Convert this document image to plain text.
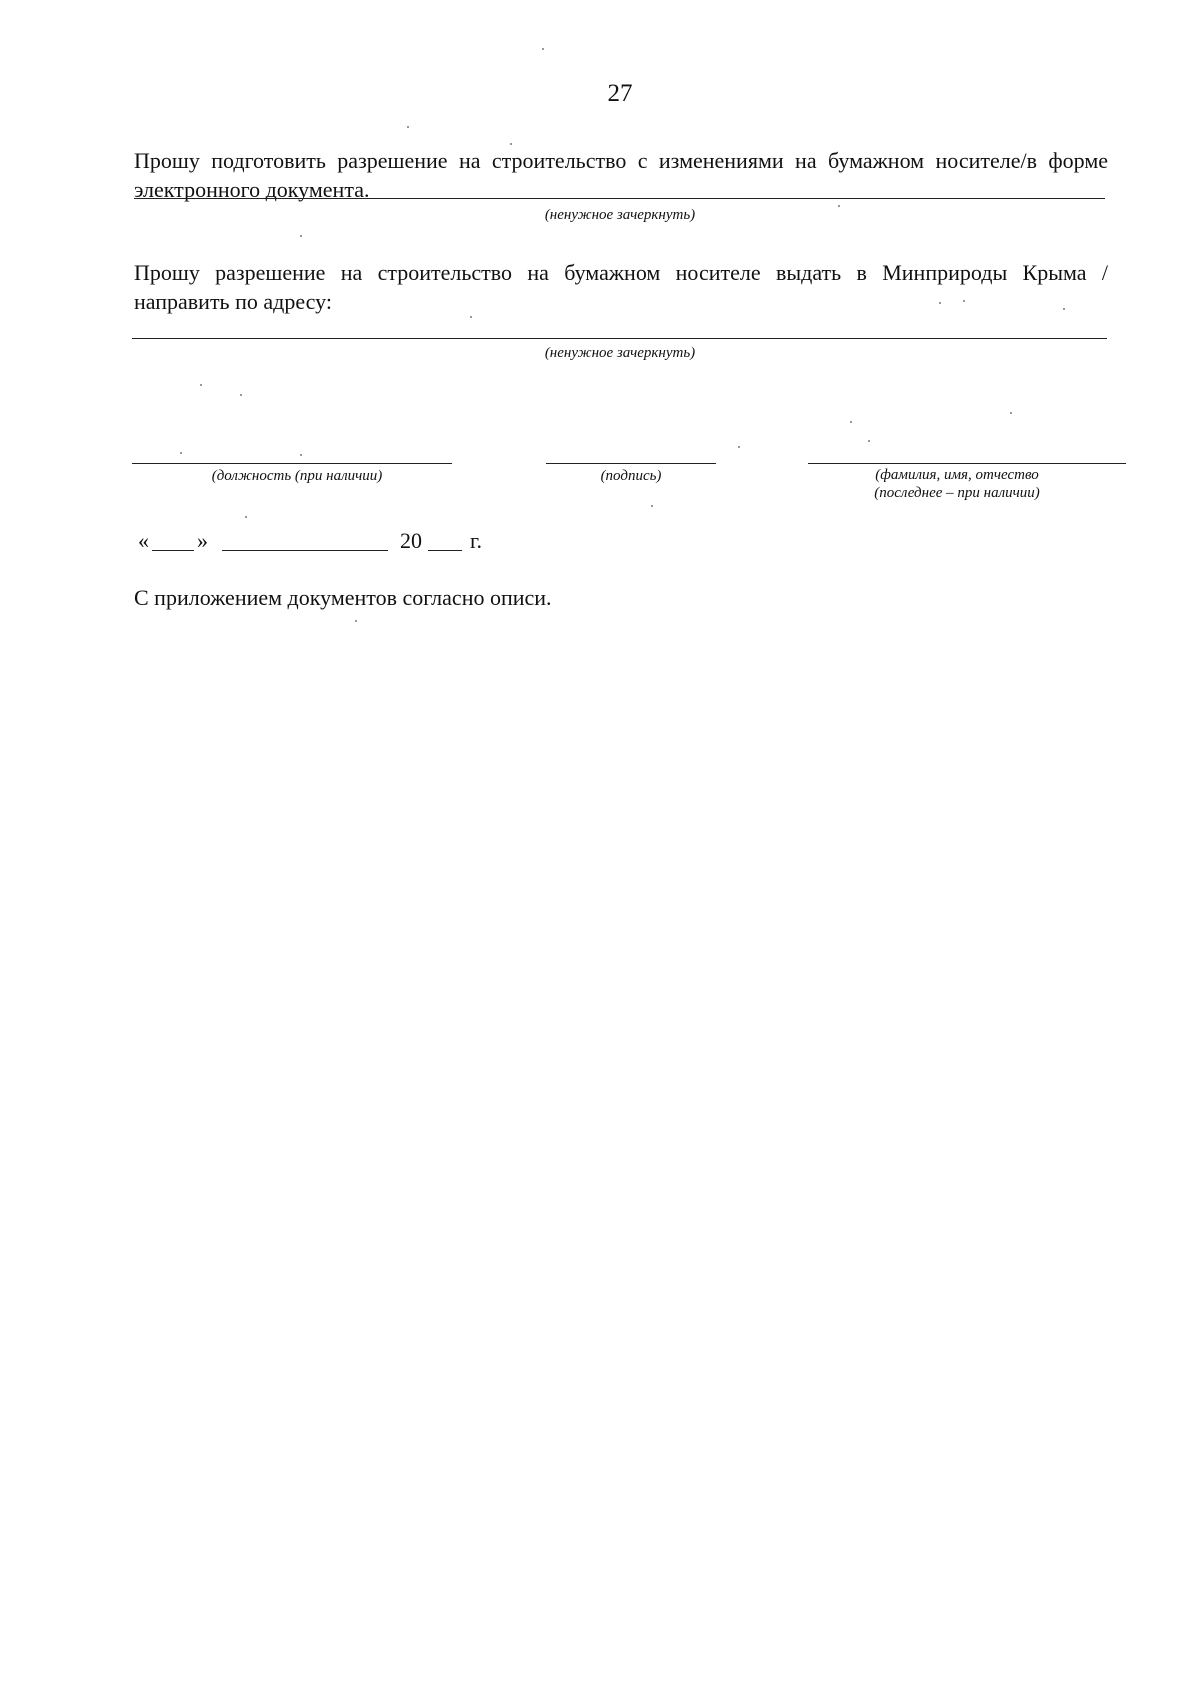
27
Прошу подготовить разрешение на строительство с изменениями на бумажном носителе/в форме
электронного документа.
(ненужное зачеркнуть)
Прошу разрешение на строительство на бумажном носителе выдать в Минприроды Крыма /
направить по адресу:
(ненужное зачеркнуть)
(должность (при наличии)	(подпись)	(фамилия, имя, отчество
(последнее – при наличии)
« »	20 г.
С приложением документов согласно описи.
